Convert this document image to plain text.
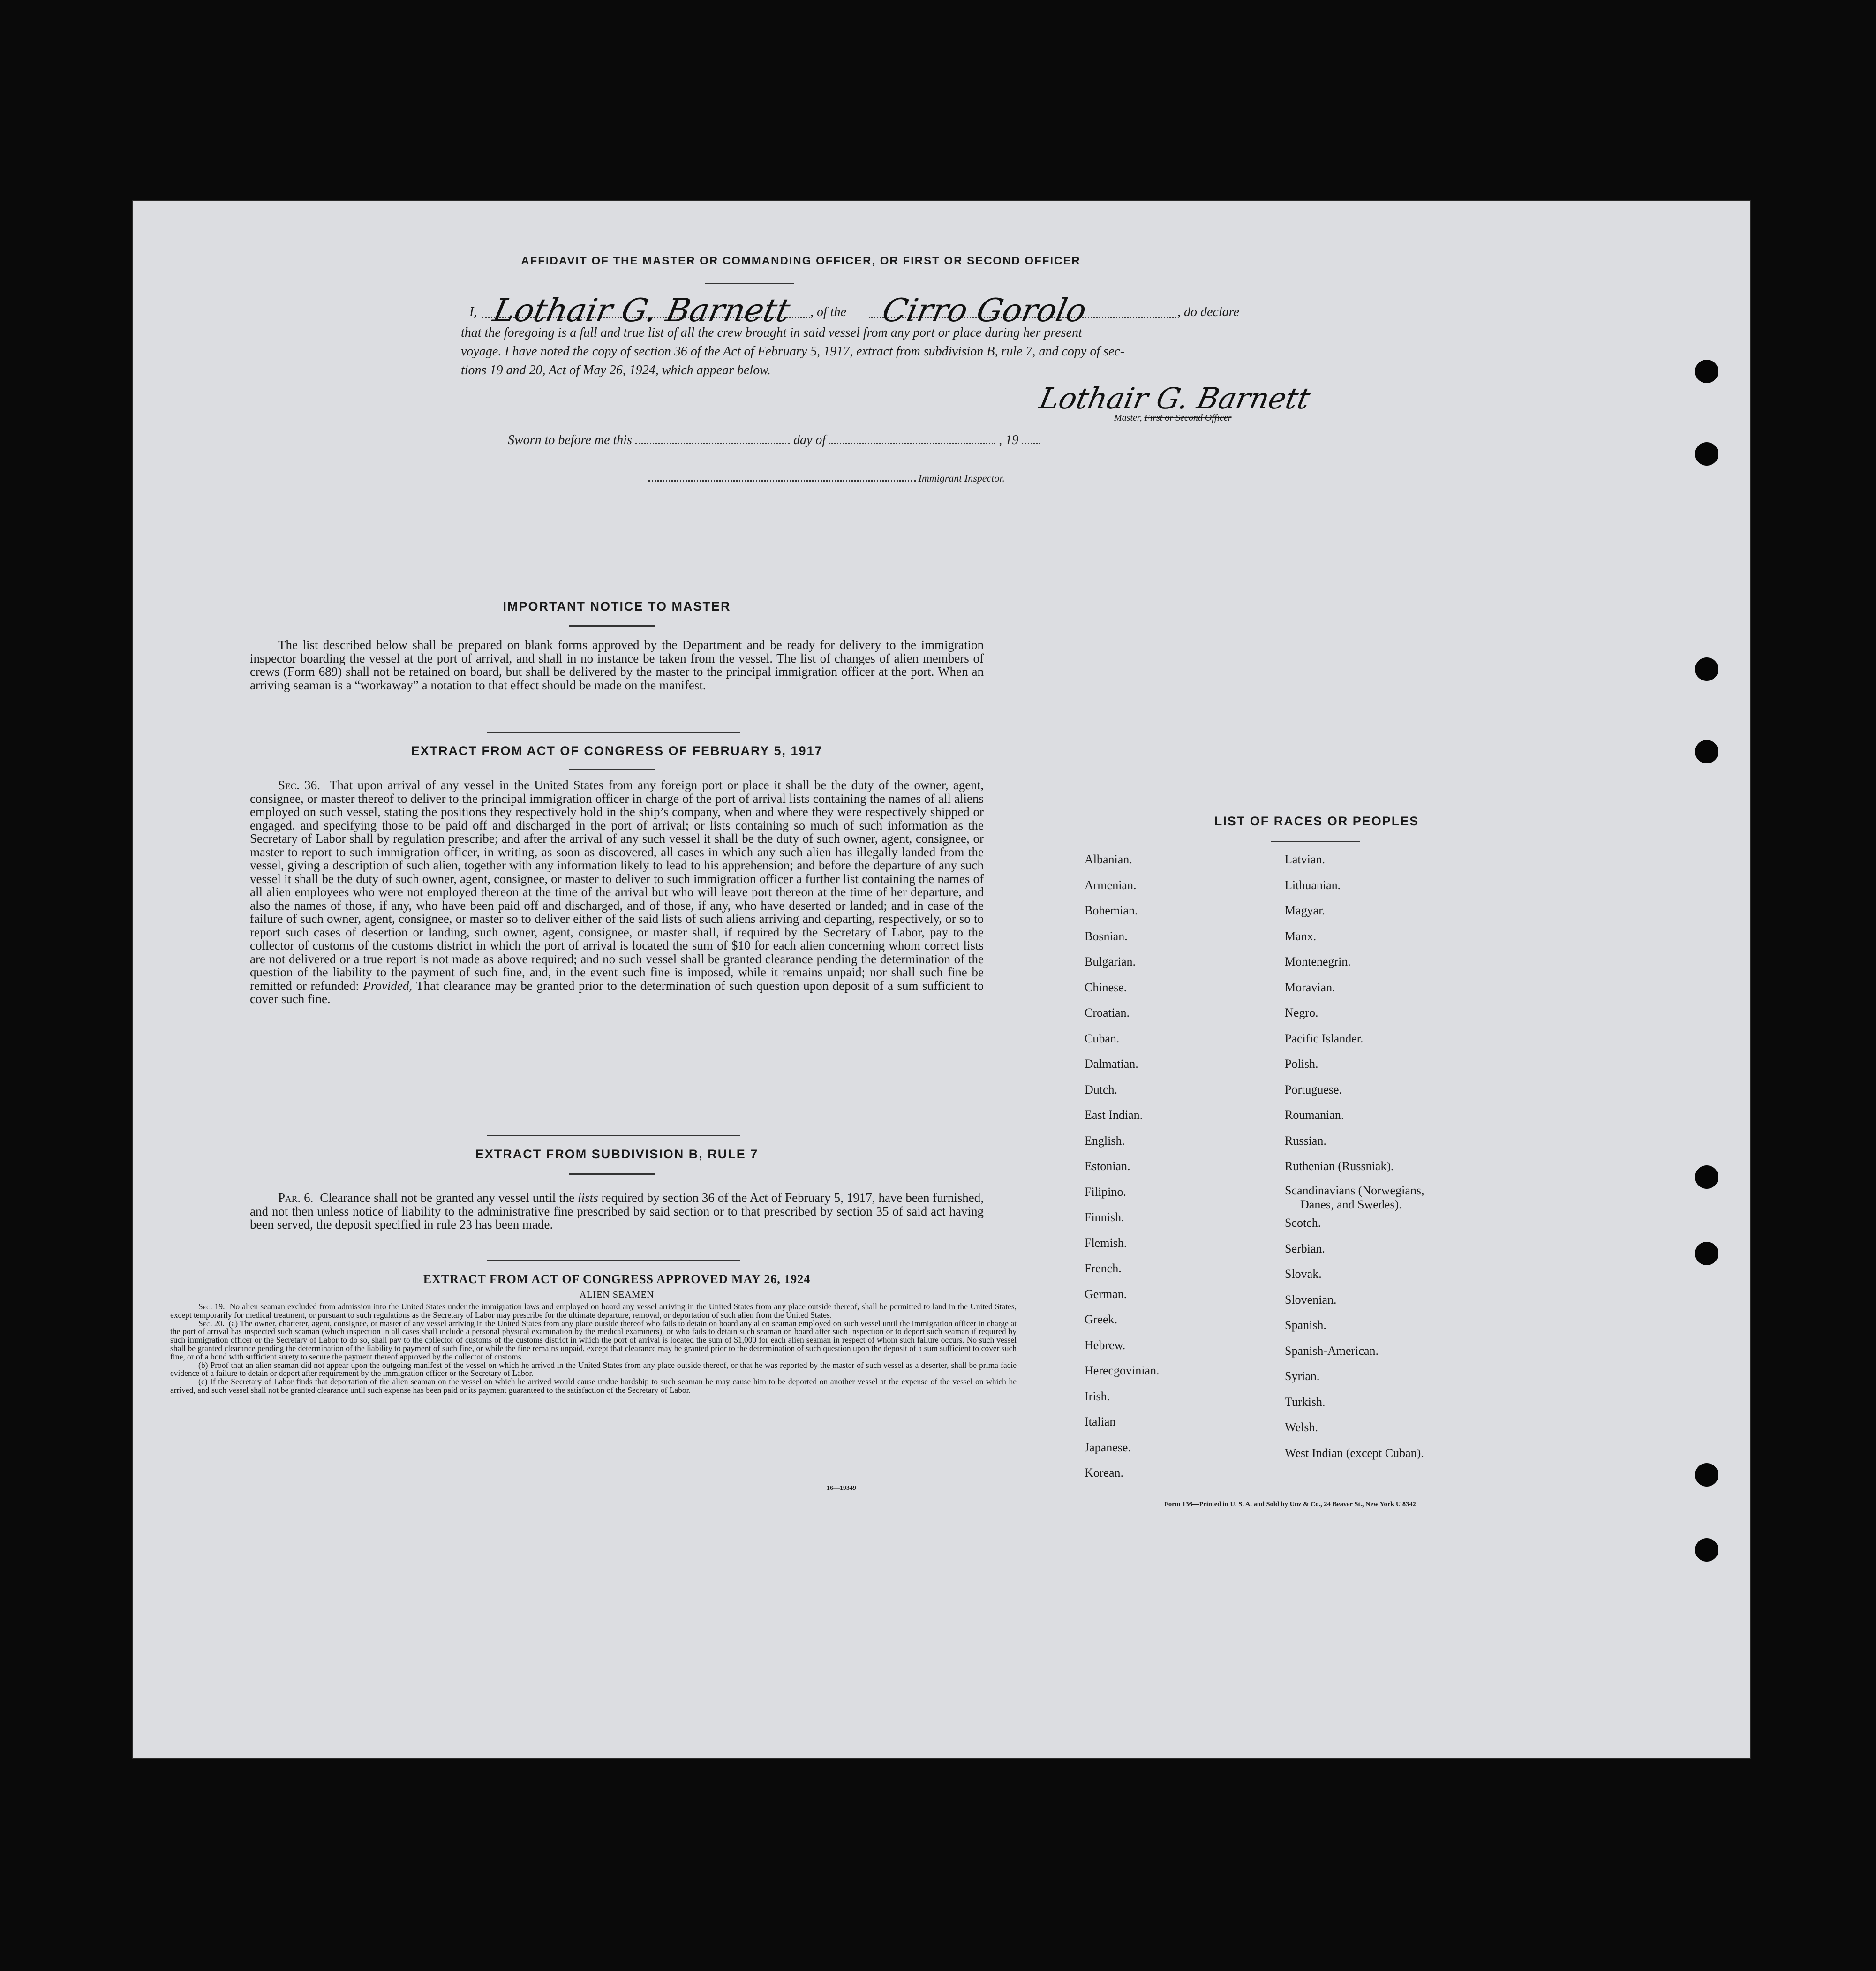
AFFIDAVIT OF THE MASTER OR COMMANDING OFFICER, OR FIRST OR SECOND OFFICER
I, Lothair G. Barnett , of the Cirro Gorolo	, do declare
that the foregoing is a full and true list of all the crew brought in said vessel from any port or place during her present
voyage. I have noted the copy of section 36 of the Act of February 5, 1917, extract from subdivision B, rule 7, and copy of sec-
tions 19 and 20, Act of May 26, 1924, which appear below.
Lothair G. Barnett
Master, First or Second Officer
Sworn to before me this	day of	, 19
Immigrant Inspector.
IMPORTANT NOTICE TO MASTER
The list described below shall be prepared on blank forms approved by the Department and be ready for delivery to the immigration inspector boarding the vessel at the port of arrival, and shall in no instance be taken from the vessel. The list of changes of alien members of crews (Form 689) shall not be retained on board, but shall be delivered by the master to the principal immigration officer at the port. When an arriving seaman is a “workaway” a notation to that effect should be made on the manifest.
EXTRACT FROM ACT OF CONGRESS OF FEBRUARY 5, 1917
Sec. 36. That upon arrival of any vessel in the United States from any foreign port or place it shall be the duty of the owner, agent, consignee, or master thereof to deliver to the principal immigration officer in charge of the port of arrival lists containing the names of all aliens employed on such vessel, stating the positions they respectively hold in the ship’s company, when and where they were respectively shipped or engaged, and specifying those to be paid off and discharged in the port of arrival; or lists containing so much of such information as the Secretary of Labor shall by regulation prescribe; and after the arrival of any such vessel it shall be the duty of such owner, agent, consignee, or master to report to such immigration officer, in writing, as soon as discovered, all cases in which any such alien has illegally landed from the vessel, giving a description of such alien, together with any information likely to lead to his apprehension; and before the departure of any such vessel it shall be the duty of such owner, agent, consignee, or master to deliver to such immigration officer a further list containing the names of all alien employees who were not employed thereon at the time of the arrival but who will leave port thereon at the time of her departure, and also the names of those, if any, who have been paid off and discharged, and of those, if any, who have deserted or landed; and in case of the failure of such owner, agent, consignee, or master so to deliver either of the said lists of such aliens arriving and departing, respectively, or so to report such cases of desertion or landing, such owner, agent, consignee, or master shall, if required by the Secretary of Labor, pay to the collector of customs of the customs district in which the port of arrival is located the sum of $10 for each alien concerning whom correct lists are not delivered or a true report is not made as above required; and no such vessel shall be granted clearance pending the determination of the question of the liability to the payment of such fine, and, in the event such fine is imposed, while it remains unpaid; nor shall such fine be remitted or refunded: Provided, That clearance may be granted prior to the determination of such question upon deposit of a sum sufficient to cover such fine.
EXTRACT FROM SUBDIVISION B, RULE 7
Par. 6. Clearance shall not be granted any vessel until the lists required by section 36 of the Act of February 5, 1917, have been furnished, and not then unless notice of liability to the administrative fine prescribed by said section or to that prescribed by section 35 of said act having been served, the deposit specified in rule 23 has been made.
EXTRACT FROM ACT OF CONGRESS APPROVED MAY 26, 1924
ALIEN SEAMEN
Sec. 19. No alien seaman excluded from admission into the United States under the immigration laws and employed on board any vessel arriving in the United States from any place outside thereof, shall be permitted to land in the United States, except temporarily for medical treatment, or pursuant to such regulations as the Secretary of Labor may prescribe for the ultimate departure, removal, or deportation of such alien from the United States.
Sec. 20. (a) The owner, charterer, agent, consignee, or master of any vessel arriving in the United States from any place outside thereof who fails to detain on board any alien seaman employed on such vessel until the immigration officer in charge at the port of arrival has inspected such seaman (which inspection in all cases shall include a personal physical examination by the medical examiners), or who fails to detain such seaman on board after such inspection or to deport such seaman if required by such immigration officer or the Secretary of Labor to do so, shall pay to the collector of customs of the customs district in which the port of arrival is located the sum of $1,000 for each alien seaman in respect of whom such failure occurs. No such vessel shall be granted clearance pending the determination of the liability to payment of such fine, or while the fine remains unpaid, except that clearance may be granted prior to the determination of such question upon the deposit of a sum sufficient to cover such fine, or of a bond with sufficient surety to secure the payment thereof approved by the collector of customs.
(b) Proof that an alien seaman did not appear upon the outgoing manifest of the vessel on which he arrived in the United States from any place outside thereof, or that he was reported by the master of such vessel as a deserter, shall be prima facie evidence of a failure to detain or deport after requirement by the immigration officer or the Secretary of Labor.
(c) If the Secretary of Labor finds that deportation of the alien seaman on the vessel on which he arrived would cause undue hardship to such seaman he may cause him to be deported on another vessel at the expense of the vessel on which he arrived, and such vessel shall not be granted clearance until such expense has been paid or its payment guaranteed to the satisfaction of the Secretary of Labor.
16—19349
LIST OF RACES OR PEOPLES
Albanian.
Armenian.
Bohemian.
Bosnian.
Bulgarian.
Chinese.
Croatian.
Cuban.
Dalmatian.
Dutch.
East Indian.
English.
Estonian.
Filipino.
Finnish.
Flemish.
French.
German.
Greek.
Hebrew.
Herecgovinian.
Irish.
Italian
Japanese.
Korean.
Latvian.
Lithuanian.
Magyar.
Manx.
Montenegrin.
Moravian.
Negro.
Pacific Islander.
Polish.
Portuguese.
Roumanian.
Russian.
Ruthenian (Russniak).
Scandinavians (Norwegians,
Danes, and Swedes).
Scotch.
Serbian.
Slovak.
Slovenian.
Spanish.
Spanish-American.
Syrian.
Turkish.
Welsh.
West Indian (except Cuban).
Form 136—Printed in U. S. A. and Sold by Unz & Co., 24 Beaver St., New York U 8342
